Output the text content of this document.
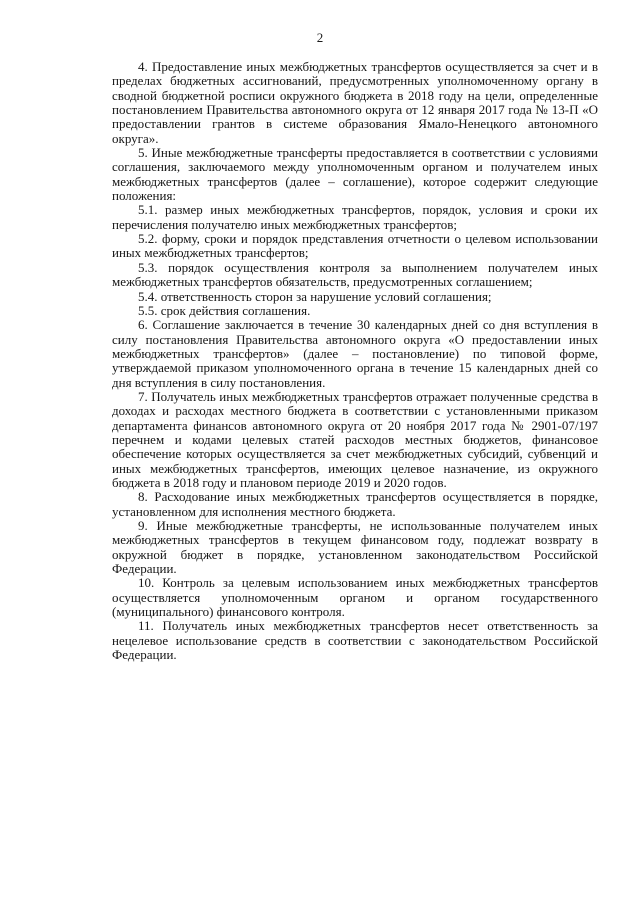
2

4. Предоставление иных межбюджетных трансфертов осуществляется за счет и в пределах бюджетных ассигнований, предусмотренных уполномоченному органу в сводной бюджетной росписи окружного бюджета в 2018 году на цели, определенные постановлением Правительства автономного округа от 12 января 2017 года № 13-П «О предоставлении грантов в системе образования Ямало-Ненецкого автономного округа».

5. Иные межбюджетные трансферты предоставляется в соответствии с условиями соглашения, заключаемого между уполномоченным органом и получателем иных межбюджетных трансфертов (далее – соглашение), которое содержит следующие положения:

5.1. размер иных межбюджетных трансфертов, порядок, условия и сроки их перечисления получателю иных межбюджетных трансфертов;

5.2. форму, сроки и порядок представления отчетности о целевом использовании иных межбюджетных трансфертов;

5.3. порядок осуществления контроля за выполнением получателем иных межбюджетных трансфертов обязательств, предусмотренных соглашением;

5.4. ответственность сторон за нарушение условий соглашения;

5.5. срок действия соглашения.

6. Соглашение заключается в течение 30 календарных дней со дня вступления в силу постановления Правительства автономного округа «О предоставлении иных межбюджетных трансфертов» (далее – постановление) по типовой форме, утверждаемой приказом уполномоченного органа в течение 15 календарных дней со дня вступления в силу постановления.

7. Получатель иных межбюджетных трансфертов отражает полученные средства в доходах и расходах местного бюджета в соответствии с установленными приказом департамента финансов автономного округа от 20 ноября 2017 года № 2901-07/197 перечнем и кодами целевых статей расходов местных бюджетов, финансовое обеспечение которых осуществляется за счет межбюджетных субсидий, субвенций и иных межбюджетных трансфертов, имеющих целевое назначение, из окружного бюджета в 2018 году и плановом периоде 2019 и 2020 годов.

8. Расходование иных межбюджетных трансфертов осуществляется в порядке, установленном для исполнения местного бюджета.

9. Иные межбюджетные трансферты, не использованные получателем иных межбюджетных трансфертов в текущем финансовом году, подлежат возврату в окружной бюджет в порядке, установленном законодательством Российской Федерации.

10. Контроль за целевым использованием иных межбюджетных трансфертов осуществляется уполномоченным органом и органом государственного (муниципального) финансового контроля.

11. Получатель иных межбюджетных трансфертов несет ответственность за нецелевое использование средств в соответствии с законодательством Российской Федерации.
